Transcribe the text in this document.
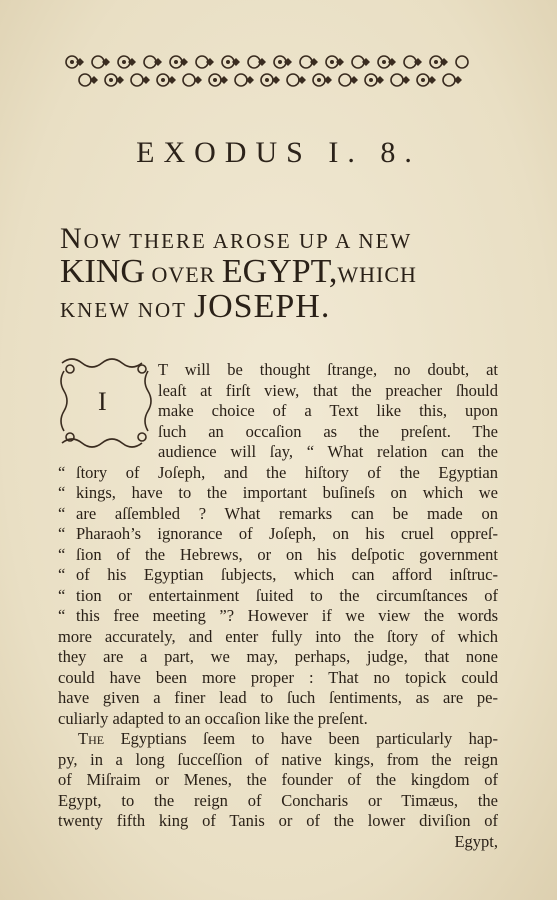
EXODUS I. 8.
NOW THERE AROSE UP A NEW
KING OVER EGYPT,WHICH
KNEW NOT JOSEPH.
I
T will be thought ſtrange, no doubt, at
leaſt at firſt view, that the preacher ſhould
make choice of a Text like this, upon
ſuch an occaſion as the preſent. The
audience will ſay, “ What relation can the
“ ſtory of Joſeph, and the hiſtory of the Egyptian
“ kings, have to the important buſineſs on which we
“ are aſſembled ? What remarks can be made on
“ Pharaoh’s ignorance of Joſeph, on his cruel oppreſ-
“ ſion of the Hebrews, or on his deſpotic government
“ of his Egyptian ſubjects, which can afford inſtruc-
“ tion or entertainment ſuited to the circumſtances of
“ this free meeting ”? However if we view the words
more accurately, and enter fully into the ſtory of which
they are a part, we may, perhaps, judge, that none
could have been more proper : That no topick could
have given a finer lead to ſuch ſentiments, as are pe-
culiarly adapted to an occaſion like the preſent.
The Egyptians ſeem to have been particularly hap-
py, in a long ſucceſſion of native kings, from the reign
of Miſraim or Menes, the founder of the kingdom of
Egypt, to the reign of Concharis or Timæus, the
twenty fifth king of Tanis or of the lower diviſion of
Egypt,
